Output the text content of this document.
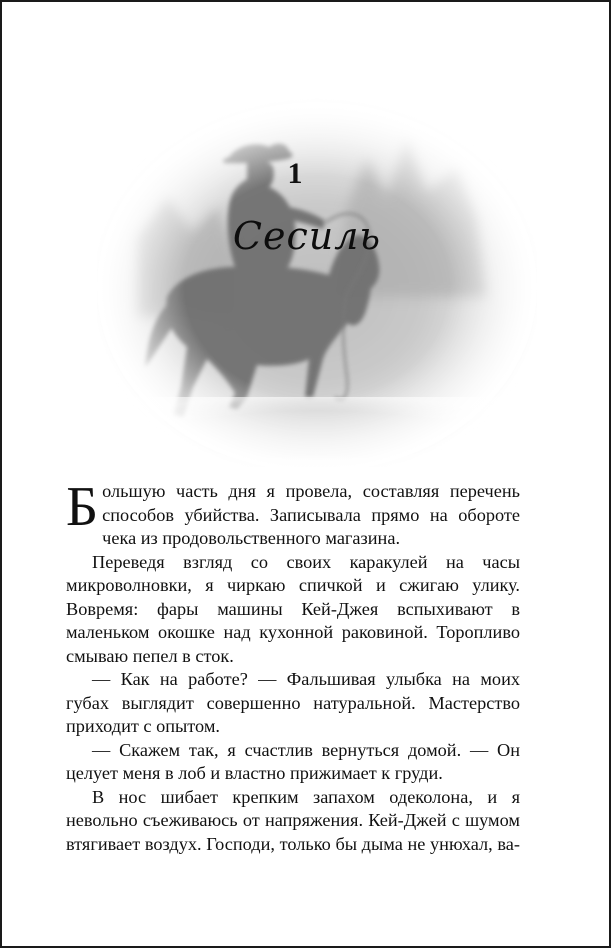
1
Сесиль

Большую часть дня я провела, составляя перечень способов убийства. Записывала прямо на обороте чека из продовольственного магазина.

Переведя взгляд со своих каракулей на часы микроволновки, я чиркаю спичкой и сжигаю улику. Вовремя: фары машины Кей-Джея вспыхивают в маленьком окошке над кухонной раковиной. Торопливо смываю пепел в сток.

— Как на работе? — Фальшивая улыбка на моих губах выглядит совершенно натуральной. Мастерство приходит с опытом.

— Скажем так, я счастлив вернуться домой. — Он целует меня в лоб и властно прижимает к груди.

В нос шибает крепким запахом одеколона, и я невольно съеживаюсь от напряжения. Кей-Джей с шумом втягивает воздух. Господи, только бы дыма не унюхал, ва-
